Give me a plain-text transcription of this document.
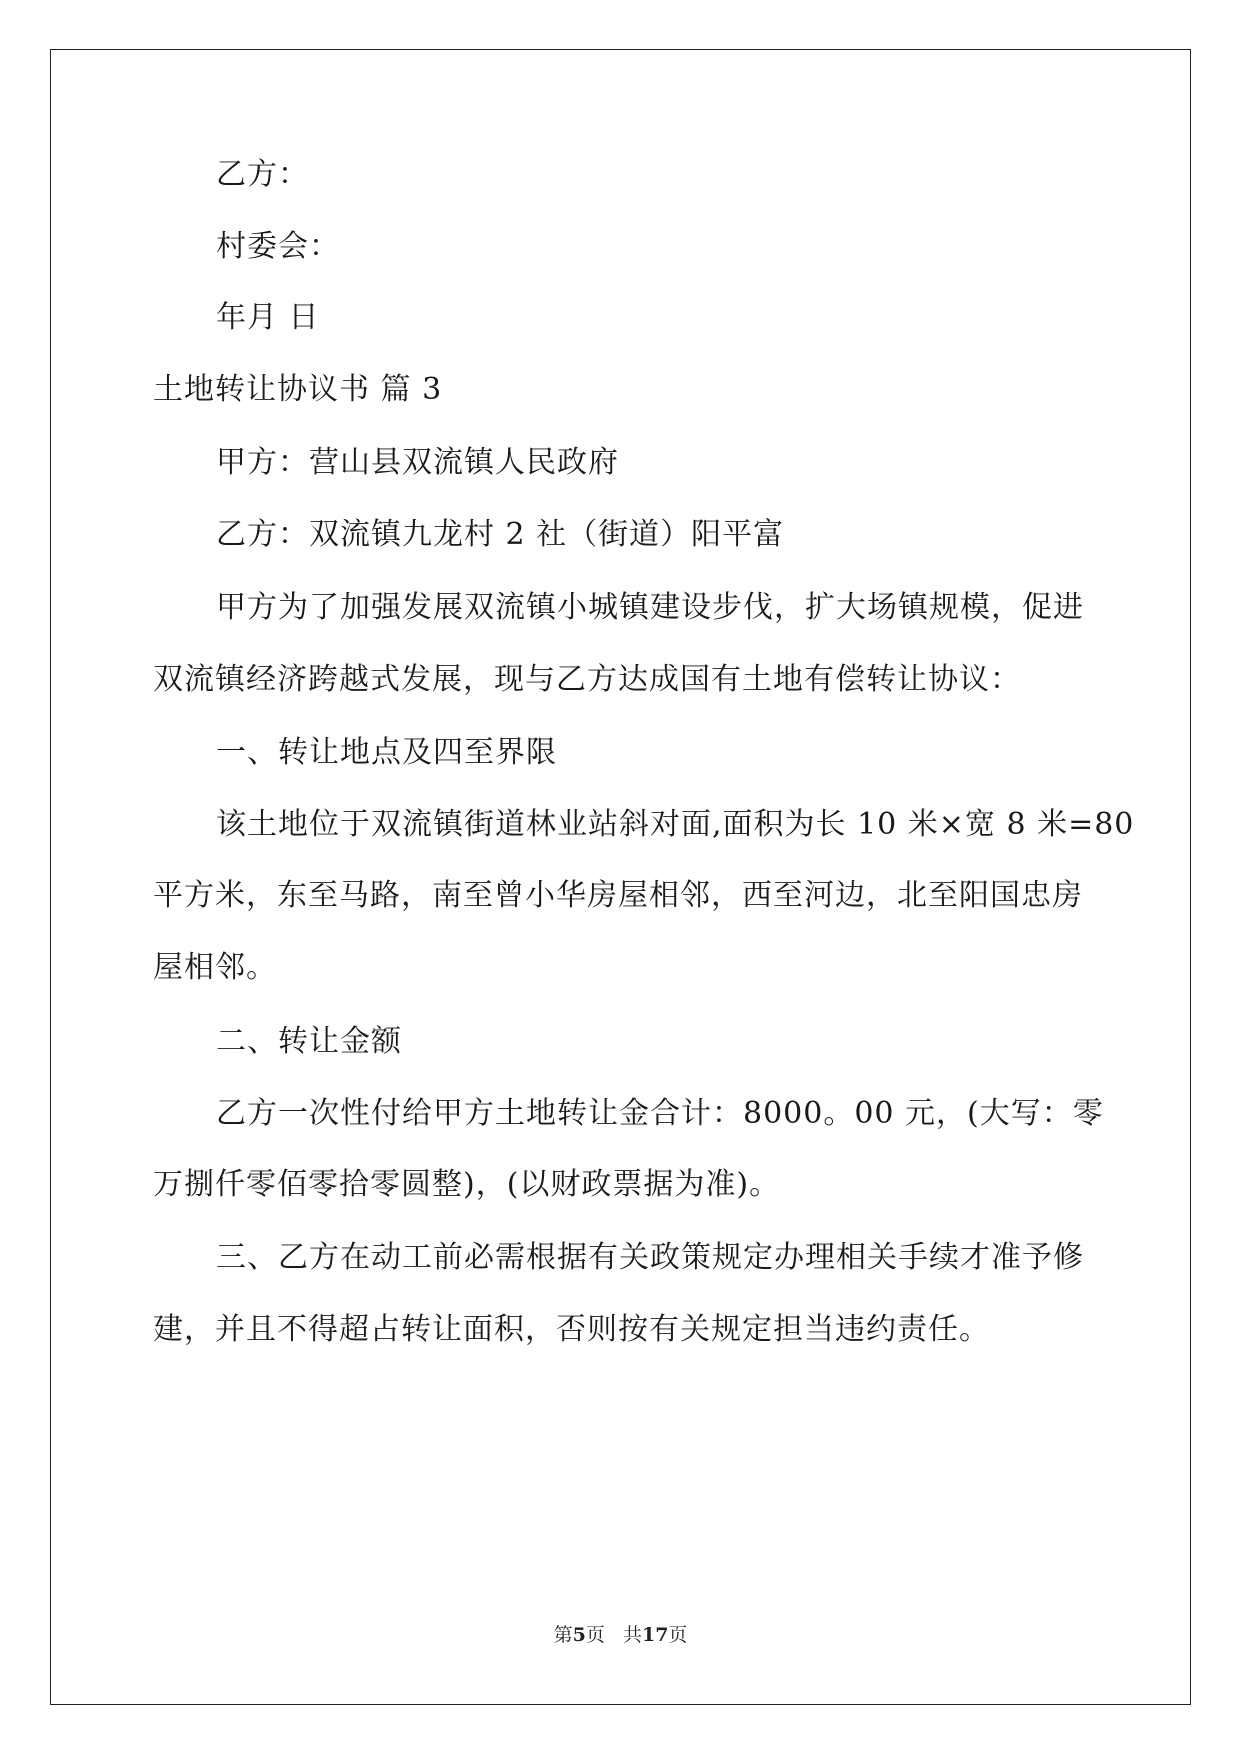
乙方：
村委会：
年月 日
土地转让协议书 篇 3
甲方：营山县双流镇人民政府
乙方：双流镇九龙村 2 社（街道）阳平富
甲方为了加强发展双流镇小城镇建设步伐，扩大场镇规模，促进
双流镇经济跨越式发展，现与乙方达成国有土地有偿转让协议：
一、转让地点及四至界限
该土地位于双流镇街道林业站斜对面,面积为长 10 米×宽 8 米=80
平方米，东至马路，南至曾小华房屋相邻，西至河边，北至阳国忠房
屋相邻。
二、转让金额
乙方一次性付给甲方土地转让金合计：8000。00 元，(大写：零
万捌仟零佰零拾零圆整)，(以财政票据为准)。
三、乙方在动工前必需根据有关政策规定办理相关手续才准予修
建，并且不得超占转让面积，否则按有关规定担当违约责任。
第5页 共17页
